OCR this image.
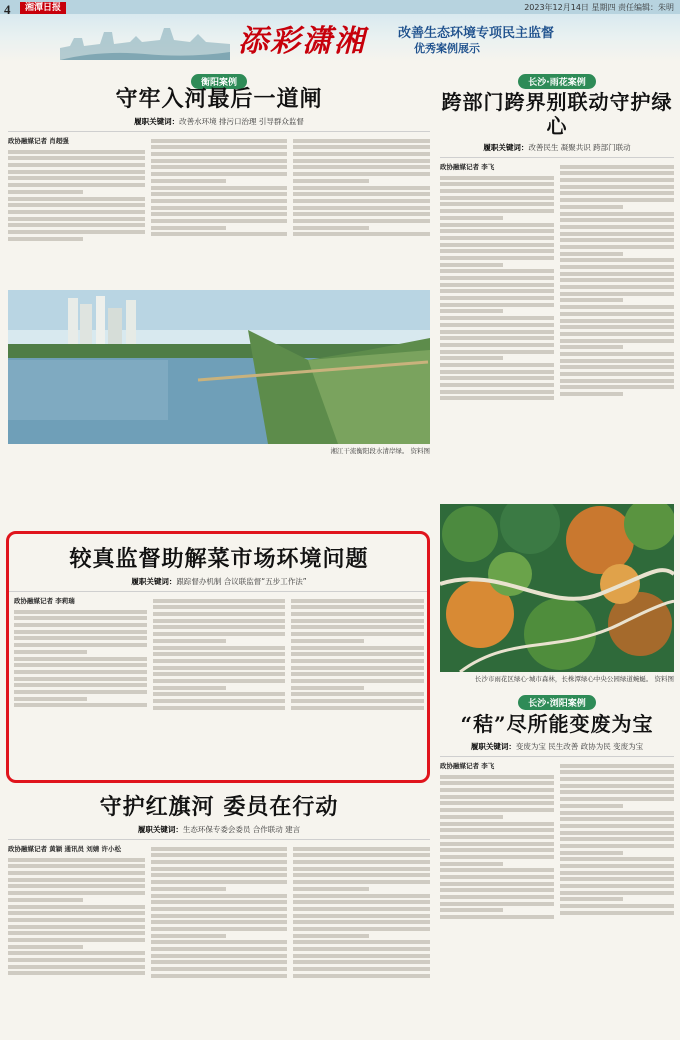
4	湘潭日报	2023年12月14日 星期四 责任编辑：朱明
添彩潇湘 改善生态环境专项民主监督
优秀案例展示
衡阳案例
守牢入河最后一道闸
履职关键词：改善水环境 排污口治理 引导群众监督
政协融媒记者 肖超强
湘江干流衡阳段水清岸绿。 资料图
较真监督助解菜市场环境问题
履职关键词：跟踪督办机制 合议联监督“五步工作法”
政协融媒记者 李莉瑞
守护红旗河 委员在行动
履职关键词：生态环保专委会委员 合作联动 建言
政协融媒记者 黄颖 通讯员 刘婧 许小松
长沙·雨花案例
跨部门跨界别联动守护绿心
履职关键词：改善民生 凝聚共识 跨部门联动
政协融媒记者 李飞
长沙市雨花区绿心·城市森林，长株潭绿心中央公园绿道蜿蜒。 资料图
长沙·浏阳案例
“秸”尽所能变废为宝
履职关键词：变废为宝 民生改善 政协为民 变废为宝
政协融媒记者 李飞
